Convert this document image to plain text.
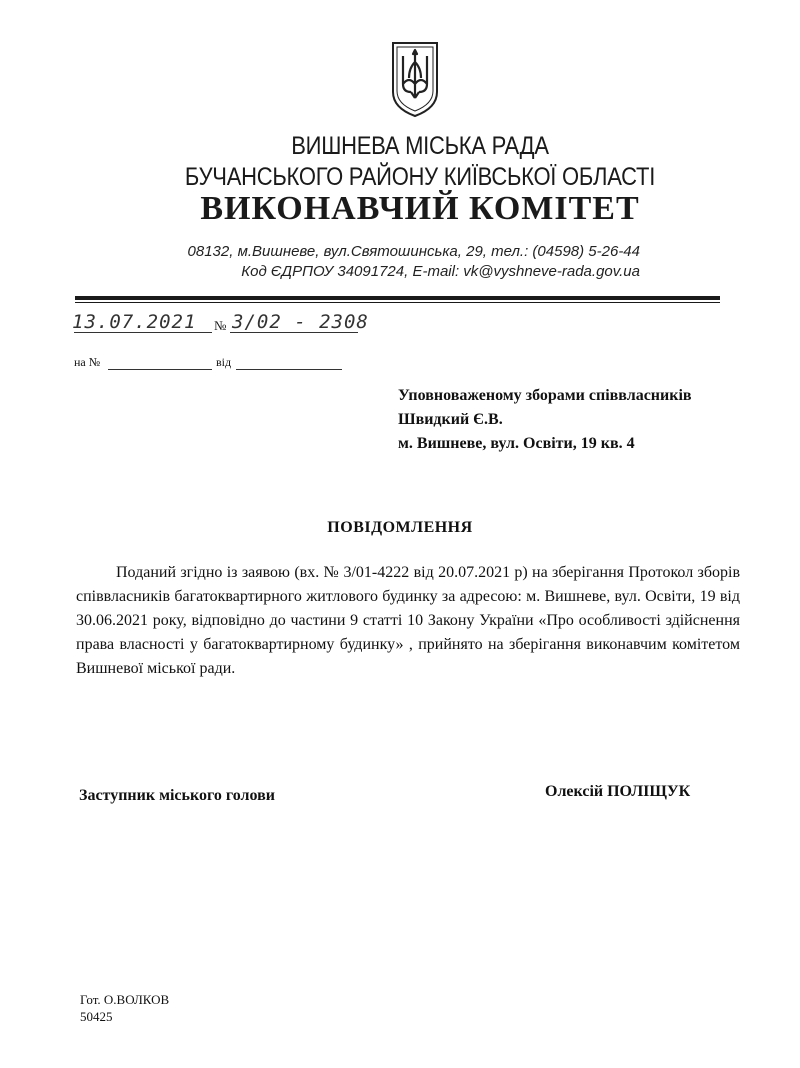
ВИШНЕВА МІСЬКА РАДА
БУЧАНСЬКОГО РАЙОНУ КИЇВСЬКОЇ ОБЛАСТІ
ВИКОНАВЧИЙ КОМІТЕТ
08132, м.Вишневе, вул.Святошинська, 29, тел.: (04598) 5-26-44
Код ЄДРПОУ 34091724, E-mail: vk@vyshneve-rada.gov.ua
13.07.2021 № 3/02 - 2308
на №	від
Уповноваженому зборами співвласників
Швидкий Є.В.
м. Вишневе, вул. Освіти, 19 кв. 4
ПОВІДОМЛЕННЯ

Поданий згідно із заявою (вх. № 3/01-4222 від 20.07.2021 р) на зберігання Протокол зборів співвласників багатоквартирного житлового будинку за адресою: м. Вишневе, вул. Освіти, 19 від 30.06.2021 року, відповідно до частини 9 статті 10 Закону України «Про особливості здійснення права власності у багатоквартирному будинку» , прийнято на зберігання виконавчим комітетом Вишневої міської ради.

Заступник міського голови	Олексій ПОЛІЩУК
Гот. О.ВОЛКОВ
50425
